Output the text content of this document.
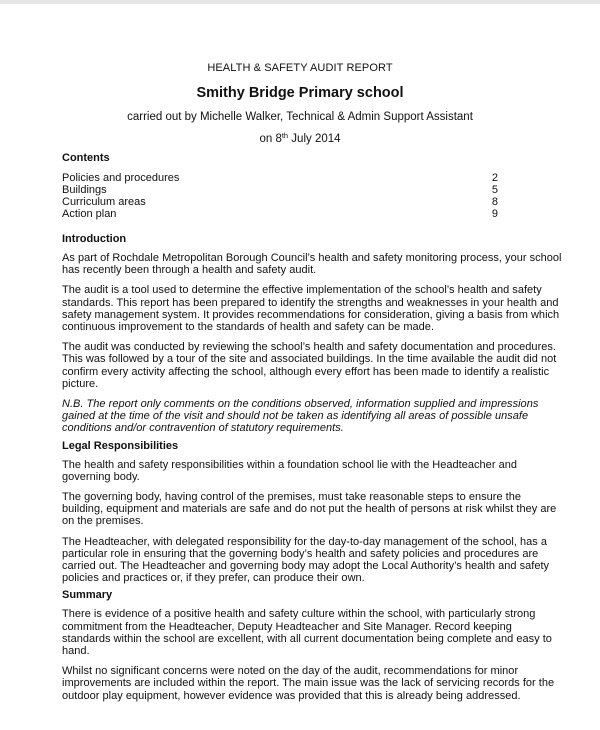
HEALTH & SAFETY AUDIT REPORT
Smithy Bridge Primary school
carried out by Michelle Walker, Technical & Admin Support Assistant
on 8th July 2014
Contents
Policies and procedures	2
Buildings	5
Curriculum areas	8
Action plan	9
Introduction

As part of Rochdale Metropolitan Borough Council’s health and safety monitoring process, your school has recently been through a health and safety audit.

The audit is a tool used to determine the effective implementation of the school’s health and safety standards. This report has been prepared to identify the strengths and weaknesses in your health and safety management system. It provides recommendations for consideration, giving a basis from which continuous improvement to the standards of health and safety can be made.

The audit was conducted by reviewing the school’s health and safety documentation and procedures. This was followed by a tour of the site and associated buildings. In the time available the audit did not confirm every activity affecting the school, although every effort has been made to identify a realistic picture.

N.B. The report only comments on the conditions observed, information supplied and impressions gained at the time of the visit and should not be taken as identifying all areas of possible unsafe conditions and/or contravention of statutory requirements.

Legal Responsibilities

The health and safety responsibilities within a foundation school lie with the Headteacher and governing body.

The governing body, having control of the premises, must take reasonable steps to ensure the building, equipment and materials are safe and do not put the health of persons at risk whilst they are on the premises.

The Headteacher, with delegated responsibility for the day-to-day management of the school, has a particular role in ensuring that the governing body’s health and safety policies and procedures are carried out. The Headteacher and governing body may adopt the Local Authority’s health and safety policies and practices or, if they prefer, can produce their own.

Summary

There is evidence of a positive health and safety culture within the school, with particularly strong commitment from the Headteacher, Deputy Headteacher and Site Manager. Record keeping standards within the school are excellent, with all current documentation being complete and easy to hand.

Whilst no significant concerns were noted on the day of the audit, recommendations for minor improvements are included within the report. The main issue was the lack of servicing records for the outdoor play equipment, however evidence was provided that this is already being addressed.
